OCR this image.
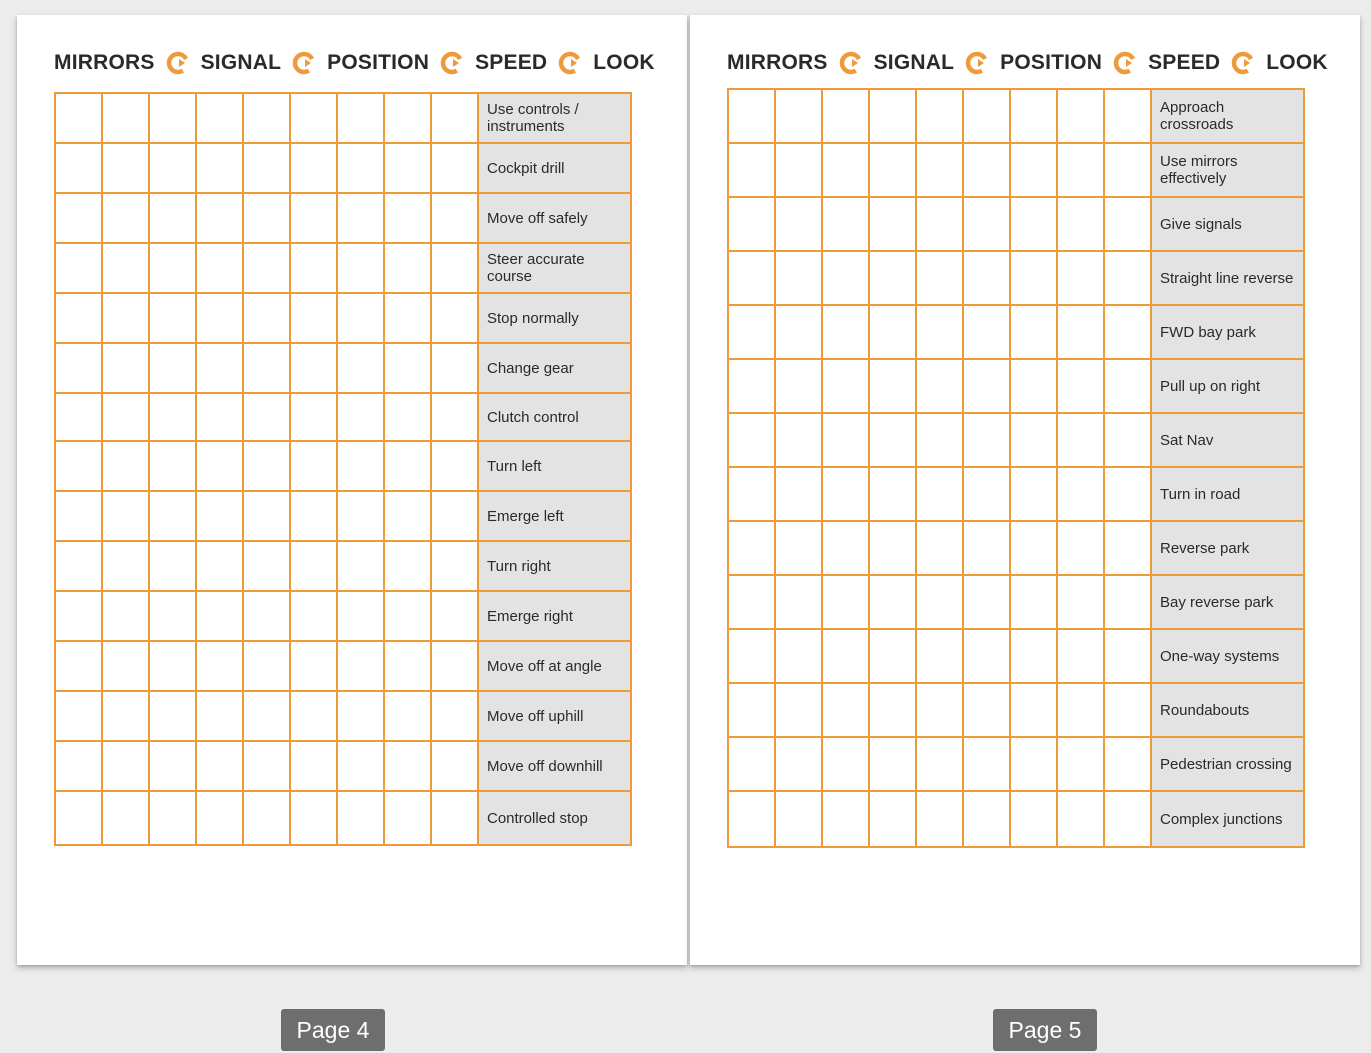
MIRRORS SIGNAL POSITION SPEED LOOK
									Use controls / instruments
									Cockpit drill
									Move off safely
									Steer accurate course
									Stop normally
									Change gear
									Clutch control
									Turn left
									Emerge left
									Turn right
									Emerge right
									Move off at angle
									Move off uphill
									Move off downhill
									Controlled stop
MIRRORS SIGNAL POSITION SPEED LOOK
									Approach crossroads
									Use mirrors effectively
									Give signals
									Straight line reverse
									FWD bay park
									Pull up on right
									Sat Nav
									Turn in road
									Reverse park
									Bay reverse park
									One-way systems
									Roundabouts
									Pedestrian crossing
									Complex junctions
Page 4	Page 5
